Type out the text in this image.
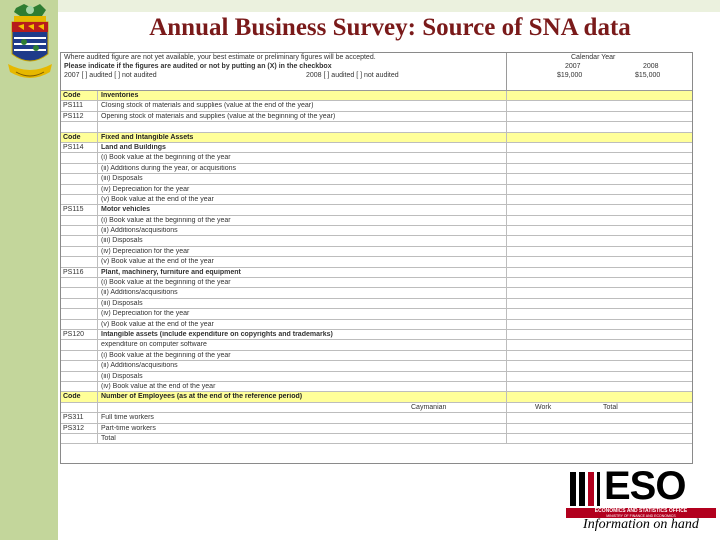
Annual Business Survey: Source of SNA data
Where audited figure are not yet available, your best estimate or preliminary figures will be accepted.
Please indicate if the figures are audited or not by putting an (X) in the checkbox
2007 [ ] audited [ ] not audited	2008 [ ] audited [ ] not audited
Calendar Year
2007	2008
$19,000	$15,000
Code	Inventories
PS111	Closing stock of materials and supplies (value at the end of the year)
PS112	Opening stock of materials and supplies (value at the beginning of the year)
Code	Fixed and Intangible Assets
PS114	Land and Buildings
(i) Book value at the beginning of the year
(ii) Additions during the year, or acquisitions
(iii) Disposals
(iv) Depreciation for the year
(v) Book value at the end of the year
PS115	Motor vehicles
(i) Book value at the beginning of the year
(ii) Additions/acquisitions
(iii) Disposals
(iv) Depreciation for the year
(v) Book value at the end of the year
PS116	Plant, machinery, furniture and equipment
(i) Book value at the beginning of the year
(ii) Additions/acquisitions
(iii) Disposals
(iv) Depreciation for the year
(v) Book value at the end of the year
PS120	Intangible assets (include expenditure on copyrights and trademarks)
expenditure on computer software
(i) Book value at the beginning of the year
(ii) Additions/acquisitions
(iii) Disposals
(iv) Book value at the end of the year
Code	Number of Employees (as at the end of the reference period)
Caymanian	Work	Total
PS311	Full time workers
PS312	Part-time workers
Total
ESO
ECONOMICS AND STATISTICS OFFICE
MINISTRY OF FINANCE AND ECONOMICS
Information on hand
